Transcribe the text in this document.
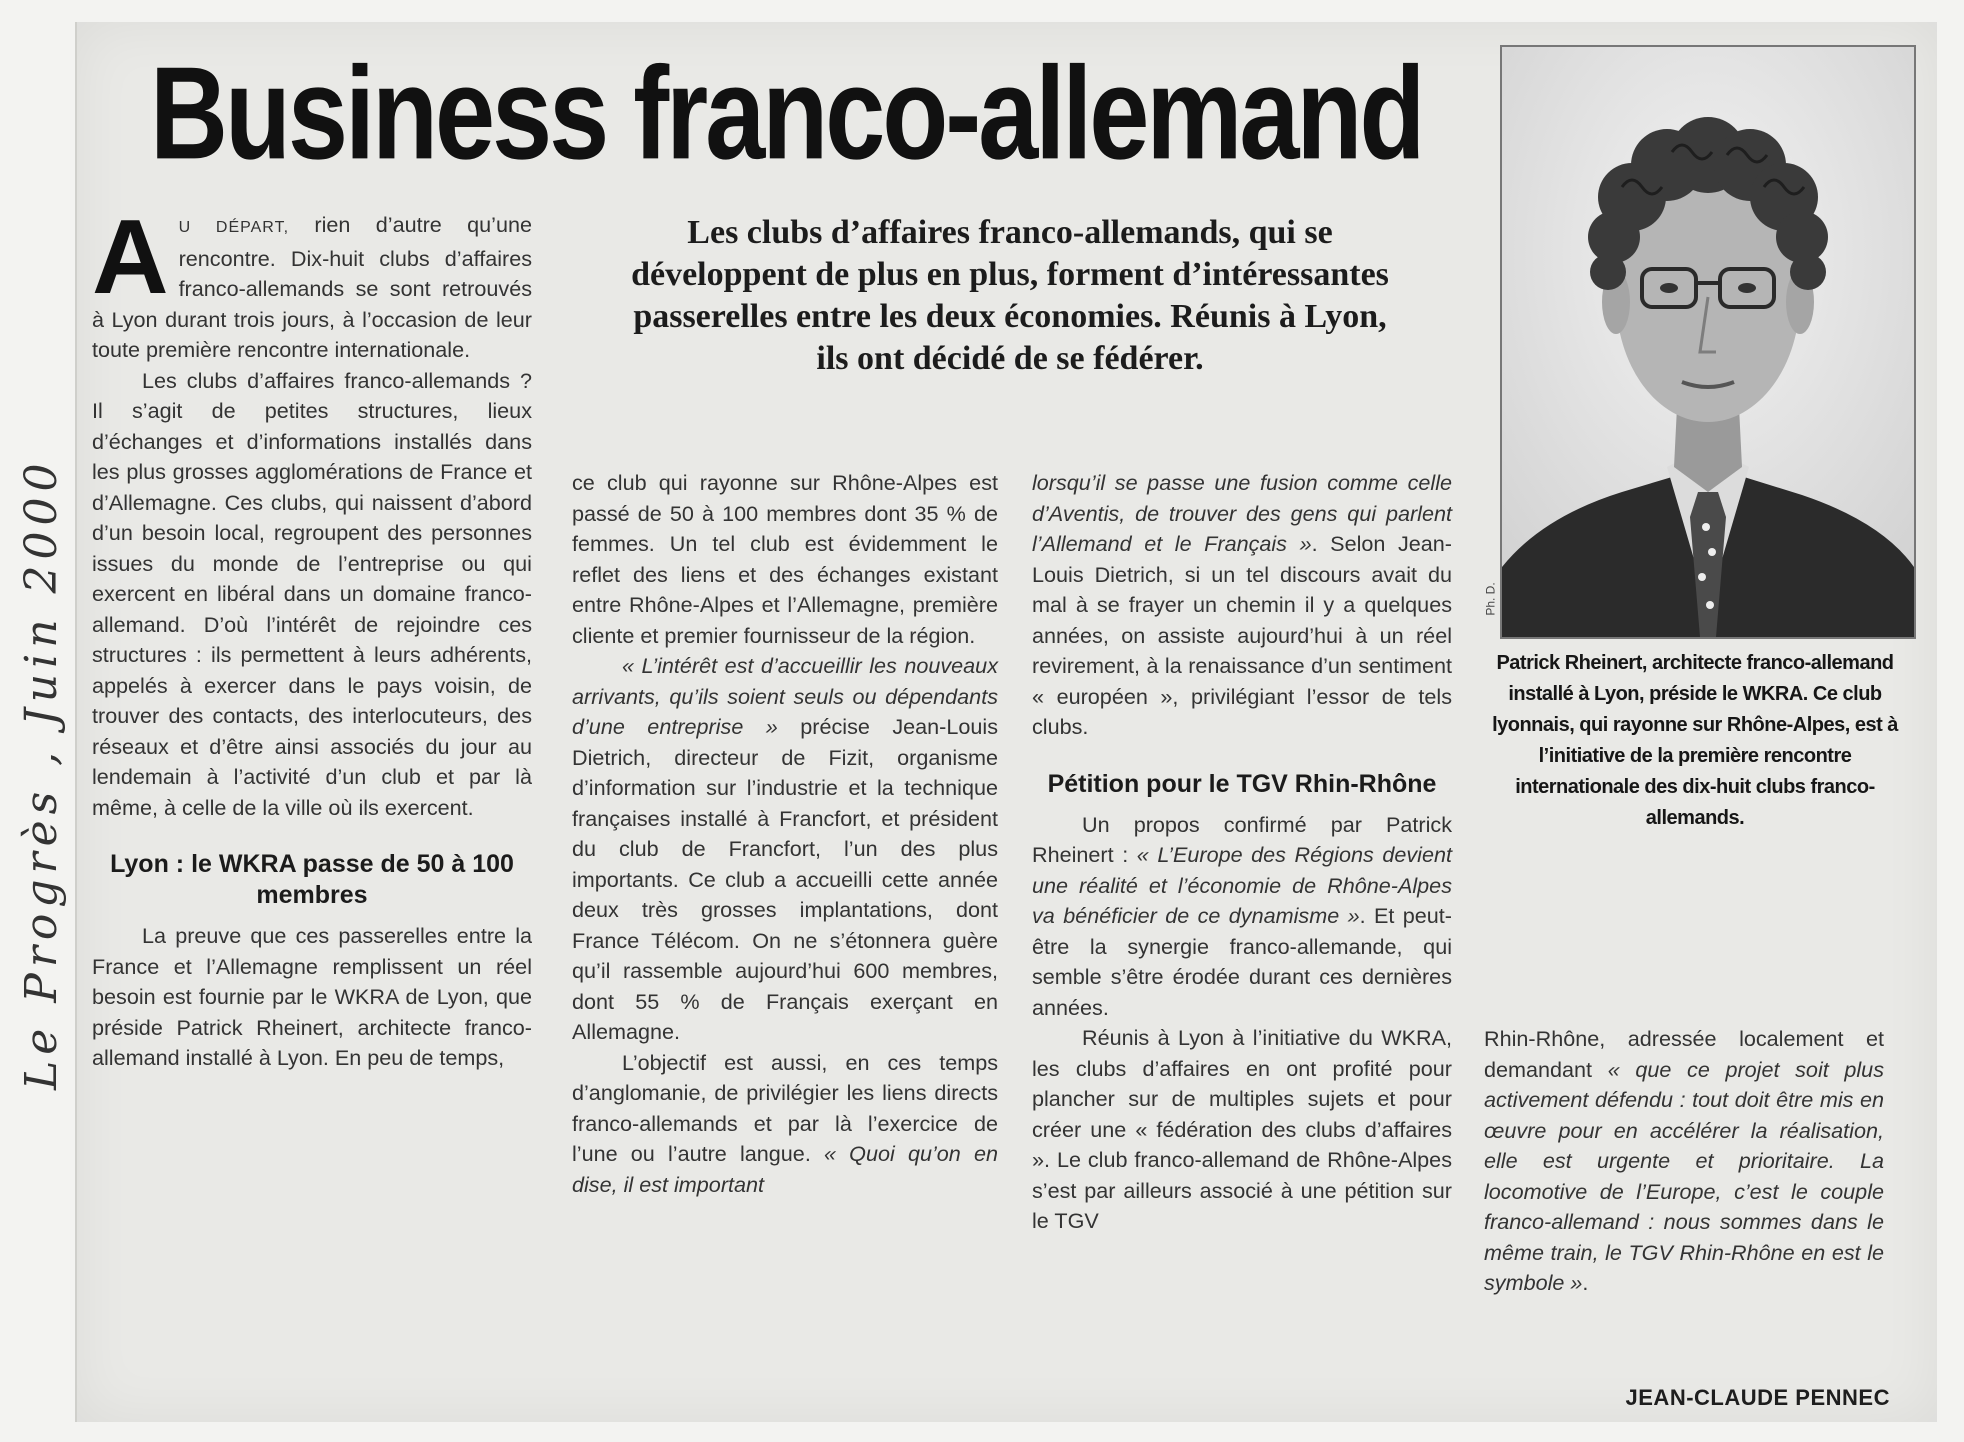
Le Progrès , Juin 2000
Business franco-allemand
Les clubs d’affaires franco-allemands, qui se développent de plus en plus, forment d’intéressantes passerelles entre les deux économies. Réunis à Lyon, ils ont décidé de se fédérer.

A U DÉPART, rien d’autre qu’une rencontre. Dix-huit clubs d’affaires franco-allemands se sont retrouvés à Lyon durant trois jours, à l’occasion de leur toute première rencontre internationale.

Les clubs d’affaires franco-allemands ? Il s’agit de petites structures, lieux d’échanges et d’informations installés dans les plus grosses agglomérations de France et d’Allemagne. Ces clubs, qui naissent d’abord d’un besoin local, regroupent des personnes issues du monde de l’entreprise ou qui exercent en libéral dans un domaine franco-allemand. D’où l’intérêt de rejoindre ces structures : ils permettent à leurs adhérents, appelés à exercer dans le pays voisin, de trouver des contacts, des interlocuteurs, des réseaux et d’être ainsi associés du jour au lendemain à l’activité d’un club et par là même, à celle de la ville où ils exercent.

Lyon : le WKRA passe de 50 à 100 membres

La preuve que ces passerelles entre la France et l’Allemagne remplissent un réel besoin est fournie par le WKRA de Lyon, que préside Patrick Rheinert, architecte franco-allemand installé à Lyon. En peu de temps,

ce club qui rayonne sur Rhône-Alpes est passé de 50 à 100 membres dont 35 % de femmes. Un tel club est évidemment le reflet des liens et des échanges existant entre Rhône-Alpes et l’Allemagne, première cliente et premier fournisseur de la région.

« L’intérêt est d’accueillir les nouveaux arrivants, qu’ils soient seuls ou dépendants d’une entreprise » précise Jean-Louis Dietrich, directeur de Fizit, organisme d’information sur l’industrie et la technique françaises installé à Francfort, et président du club de Francfort, l’un des plus importants. Ce club a accueilli cette année deux très grosses implantations, dont France Télécom. On ne s’étonnera guère qu’il rassemble aujourd’hui 600 membres, dont 55 % de Français exerçant en Allemagne.

L’objectif est aussi, en ces temps d’anglomanie, de privilégier les liens directs franco-allemands et par là l’exercice de l’une ou l’autre langue. « Quoi qu’on en dise, il est important

lorsqu’il se passe une fusion comme celle d’Aventis, de trouver des gens qui parlent l’Allemand et le Français ». Selon Jean-Louis Dietrich, si un tel discours avait du mal à se frayer un chemin il y a quelques années, on assiste aujourd’hui à un réel revirement, à la renaissance d’un sentiment « européen », privilégiant l’essor de tels clubs.

Pétition pour le TGV Rhin-Rhône

Un propos confirmé par Patrick Rheinert : « L’Europe des Régions devient une réalité et l’économie de Rhône-Alpes va bénéficier de ce dynamisme ». Et peut-être la synergie franco-allemande, qui semble s’être érodée durant ces dernières années.

Réunis à Lyon à l’initiative du WKRA, les clubs d’affaires en ont profité pour plancher sur de multiples sujets et pour créer une « fédération des clubs d’affaires ». Le club franco-allemand de Rhône-Alpes s’est par ailleurs associé à une pétition sur le TGV

Rhin-Rhône, adressée localement et demandant « que ce projet soit plus activement défendu : tout doit être mis en œuvre pour en accélérer la réalisation, elle est urgente et prioritaire. La locomotive de l’Europe, c’est le couple franco-allemand : nous sommes dans le même train, le TGV Rhin-Rhône en est le symbole ».

JEAN-CLAUDE PENNEC
Ph. D.
Patrick Rheinert, architecte franco-allemand installé à Lyon, préside le WKRA. Ce club lyonnais, qui rayonne sur Rhône-Alpes, est à l’initiative de la première rencontre internationale des dix-huit clubs franco-allemands.
